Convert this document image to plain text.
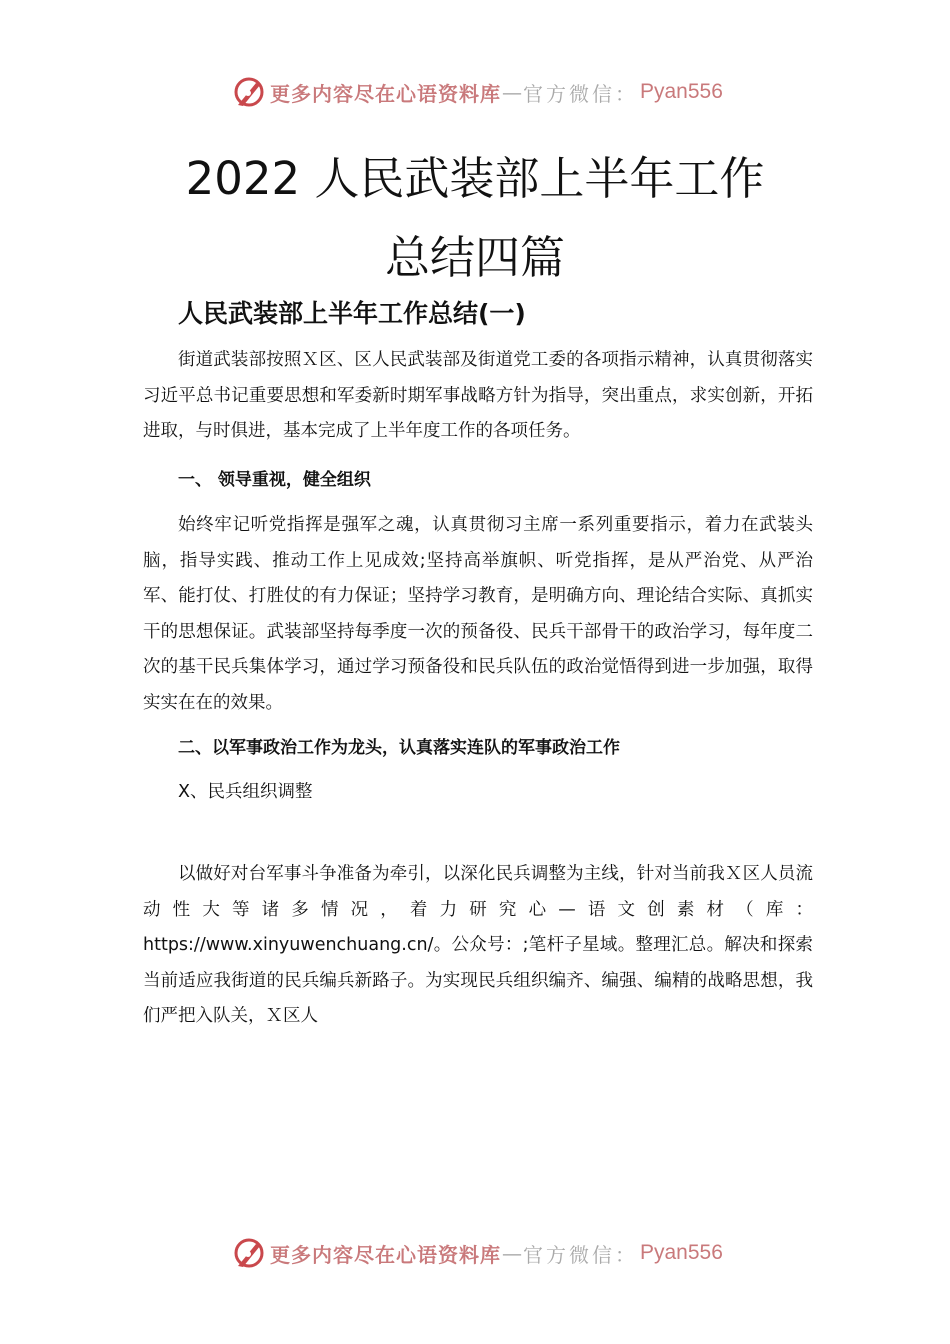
更多内容尽在心语资料库 — 官方微信： Pyan556
2022 人民武装部上半年工作
总结四篇
人民武装部上半年工作总结(一)

街道武装部按照Ｘ区、区人民武装部及街道党工委的各项指示精神，认真贯彻落实习近平总书记重要思想和军委新时期军事战略方针为指导，突出重点，求实创新，开拓进取，与时俱进，基本完成了上半年度工作的各项任务。

一、 领导重视，健全组织

始终牢记听党指挥是强军之魂，认真贯彻习主席一系列重要指示，着力在武装头脑，指导实践、推动工作上见成效;坚持高举旗帜、听党指挥，是从严治党、从严治军、能打仗、打胜仗的有力保证；坚持学习教育，是明确方向、理论结合实际、真抓实干的思想保证。武装部坚持每季度一次的预备役、民兵干部骨干的政治学习，每年度二次的基干民兵集体学习，通过学习预备役和民兵队伍的政治觉悟得到进一步加强，取得实实在在的效果。

二、以军事政治工作为龙头，认真落实连队的军事政治工作

X、民兵组织调整

以做好对台军事斗争准备为牵引，以深化民兵调整为主线，针对当前我Ｘ区人员流动性大等诸多情况，着力研究心—语文创素材（库：https://www.xinyuwenchuang.cn/。公众号：;笔杆子星域。整理汇总。解决和探索当前适应我街道的民兵编兵新路子。为实现民兵组织编齐、编强、编精的战略思想，我们严把入队关，Ｘ区人

更多内容尽在心语资料库 — 官方微信： Pyan556
